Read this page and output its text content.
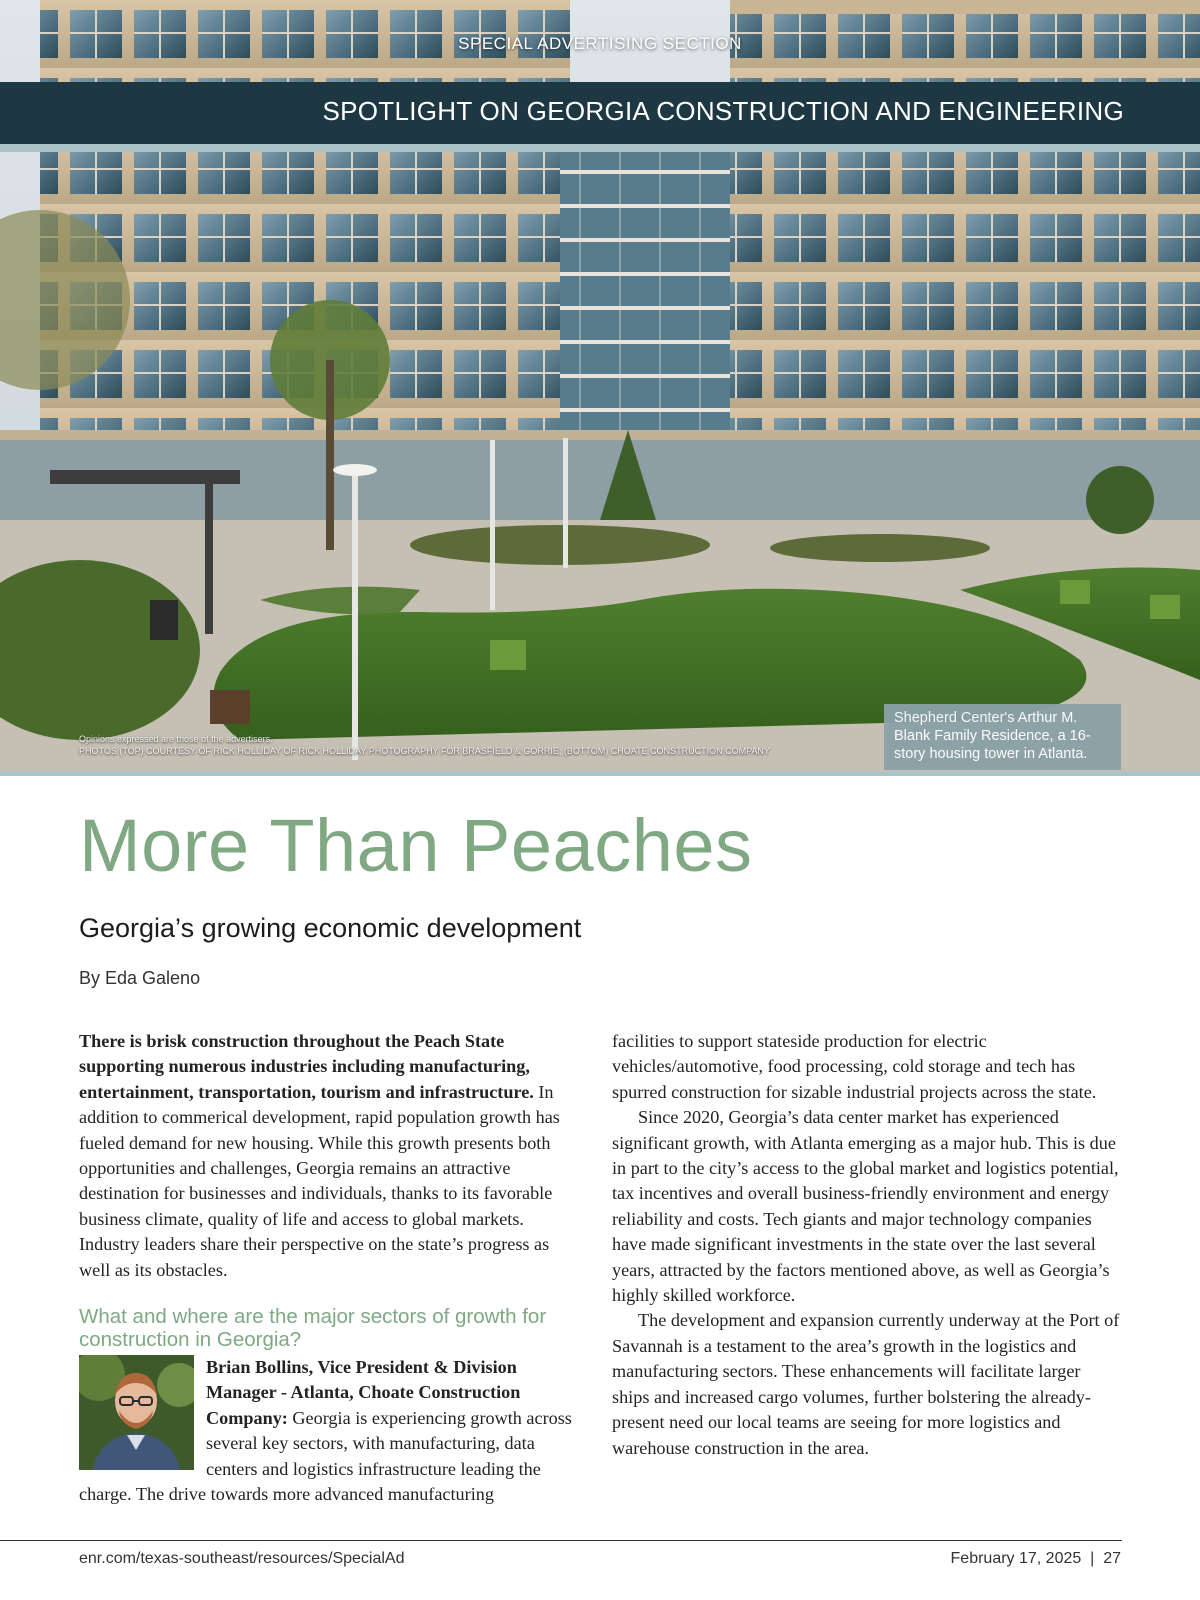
SPECIAL ADVERTISING SECTION
SPOTLIGHT ON GEORGIA CONSTRUCTION AND ENGINEERING
Opinions expressed are those of the advertisers.
PHOTOS (TOP) COURTESY OF RICK HOLLIDAY OF RICK HOLLIDAY PHOTOGRAPHY FOR BRASFIELD & GORRIE; (BOTTOM) CHOATE CONSTRUCTION COMPANY
Shepherd Center's Arthur M. Blank Family Residence, a 16-story housing tower in Atlanta.
More Than Peaches
Georgia’s growing economic development
By Eda Galeno

There is brisk construction throughout the Peach State supporting numerous industries including manufacturing, entertainment, transportation, tourism and infrastructure. In addition to commerical development, rapid population growth has fueled demand for new housing. While this growth presents both opportunities and challenges, Georgia remains an attractive destination for businesses and individuals, thanks to its favorable business climate, quality of life and access to global markets. Industry leaders share their perspective on the state’s progress as well as its obstacles.

What and where are the major sectors of growth for construction in Georgia?

Brian Bollins, Vice President & Division Manager - Atlanta, Choate Construction Company: Georgia is experiencing growth across several key sectors, with manufacturing, data centers and logistics infrastructure leading the charge. The drive towards more advanced manufacturing

facilities to support stateside production for electric vehicles/automotive, food processing, cold storage and tech has spurred construction for sizable industrial projects across the state.

Since 2020, Georgia’s data center market has experienced significant growth, with Atlanta emerging as a major hub. This is due in part to the city’s access to the global market and logistics potential, tax incentives and overall business-friendly environment and energy reliability and costs. Tech giants and major technology companies have made significant investments in the state over the last several years, attracted by the factors mentioned above, as well as Georgia’s highly skilled workforce.

The development and expansion currently underway at the Port of Savannah is a testament to the area’s growth in the logistics and manufacturing sectors. These enhancements will facilitate larger ships and increased cargo volumes, further bolstering the already-present need our local teams are seeing for more logistics and warehouse construction in the area.

enr.com/texas-southeast/resources/SpecialAd	February 17, 2025  |  27
